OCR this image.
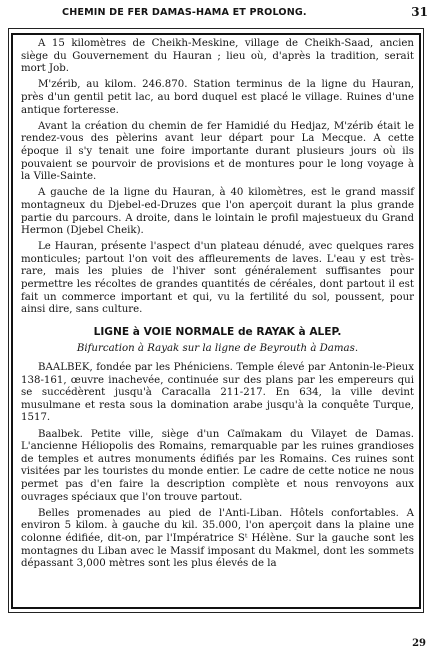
CHEMIN DE FER DAMAS-HAMA ET PROLONG.	31

A 15 kilomètres de Cheikh-Meskine, village de Cheikh-Saad, ancien siège du Gouvernement du Hauran ; lieu où, d'après la tradition, serait mort Job.

M'zérib, au kilom. 246.870. Station terminus de la ligne du Hauran, près d'un gentil petit lac, au bord duquel est placé le village. Ruines d'une antique forteresse.

Avant la création du chemin de fer Hamidié du Hedjaz, M'zérib était le rendez-vous des pèlerins avant leur départ pour La Mecque. A cette époque il s'y tenait une foire importante durant plusieurs jours où ils pouvaient se pourvoir de provisions et de montures pour le long voyage à la Ville-Sainte.

A gauche de la ligne du Hauran, à 40 kilomètres, est le grand massif montagneux du Djebel-ed-Druzes que l'on aperçoit durant la plus grande partie du parcours. A droite, dans le lointain le profil majestueux du Grand Hermon (Djebel Cheik).

Le Hauran, présente l'aspect d'un plateau dénudé, avec quelques rares monticules; partout l'on voit des affleurements de laves. L'eau y est très-rare, mais les pluies de l'hiver sont généralement suffisantes pour permettre les récoltes de grandes quantités de céréales, dont partout il est fait un commerce important et qui, vu la fertilité du sol, poussent, pour ainsi dire, sans culture.

LIGNE à VOIE NORMALE de RAYAK à ALEP.

Bifurcation à Rayak sur la ligne de Beyrouth à Damas.

BAALBEK, fondée par les Phéniciens. Temple élevé par Antonin-le-Pieux 138-161, œuvre inachevée, continuée sur des plans par les empereurs qui se succédèrent jusqu'à Caracalla 211-217. En 634, la ville devint musulmane et resta sous la domination arabe jusqu'à la conquête Turque, 1517.

Baalbek. Petite ville, siège d'un Caïmakam du Vilayet de Damas. L'ancienne Héliopolis des Romains, remarquable par les ruines grandioses de temples et autres monuments édifiés par les Romains. Ces ruines sont visitées par les touristes du monde entier. Le cadre de cette notice ne nous permet pas d'en faire la description complète et nous renvoyons aux ouvrages spéciaux que l'on trouve partout.

Belles promenades au pied de l'Anti-Liban. Hôtels confortables. A environ 5 kilom. à gauche du kil. 35.000, l'on aperçoit dans la plaine une colonne édifiée, dit-on, par l'Impératrice Sᵗ Hélène. Sur la gauche sont les montagnes du Liban avec le Massif imposant du Makmel, dont les sommets dépassant 3,000 mètres sont les plus élevés de la

29
